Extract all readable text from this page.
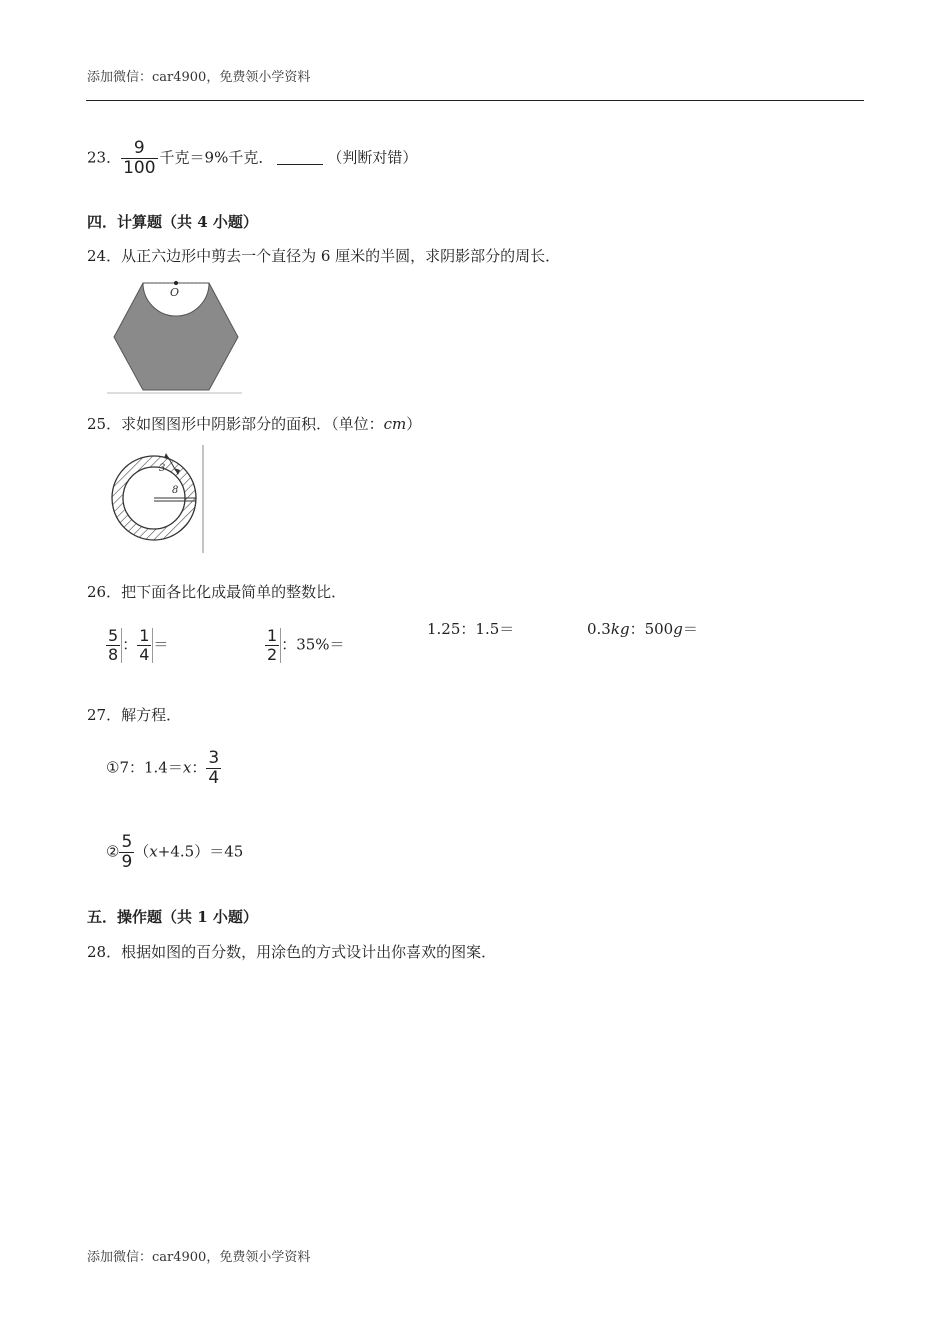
添加微信：car4900，免费领小学资料
23． $\frac{9}{100}$ 千克＝9%千克．	（判断对错）
四．计算题（共 4 小题）
24．从正六边形中剪去一个直径为 6 厘米的半圆，求阴影部分的周长．
O
25．求如图图形中阴影部分的面积．（单位：cm）
3
8
26．把下面各比化成最简单的整数比．
$\frac{5}{8}$ ： $\frac{1}{4}$ ＝	$\frac{1}{2}$ ：35%＝
1.25：1.5＝	0.3kg：500g＝
27．解方程．
①7：1.4＝x： $\frac{3}{4}$
② $\frac{5}{9} (x+4.5)=45$
五．操作题（共 1 小题）
28．根据如图的百分数，用涂色的方式设计出你喜欢的图案．
添加微信：car4900，免费领小学资料
